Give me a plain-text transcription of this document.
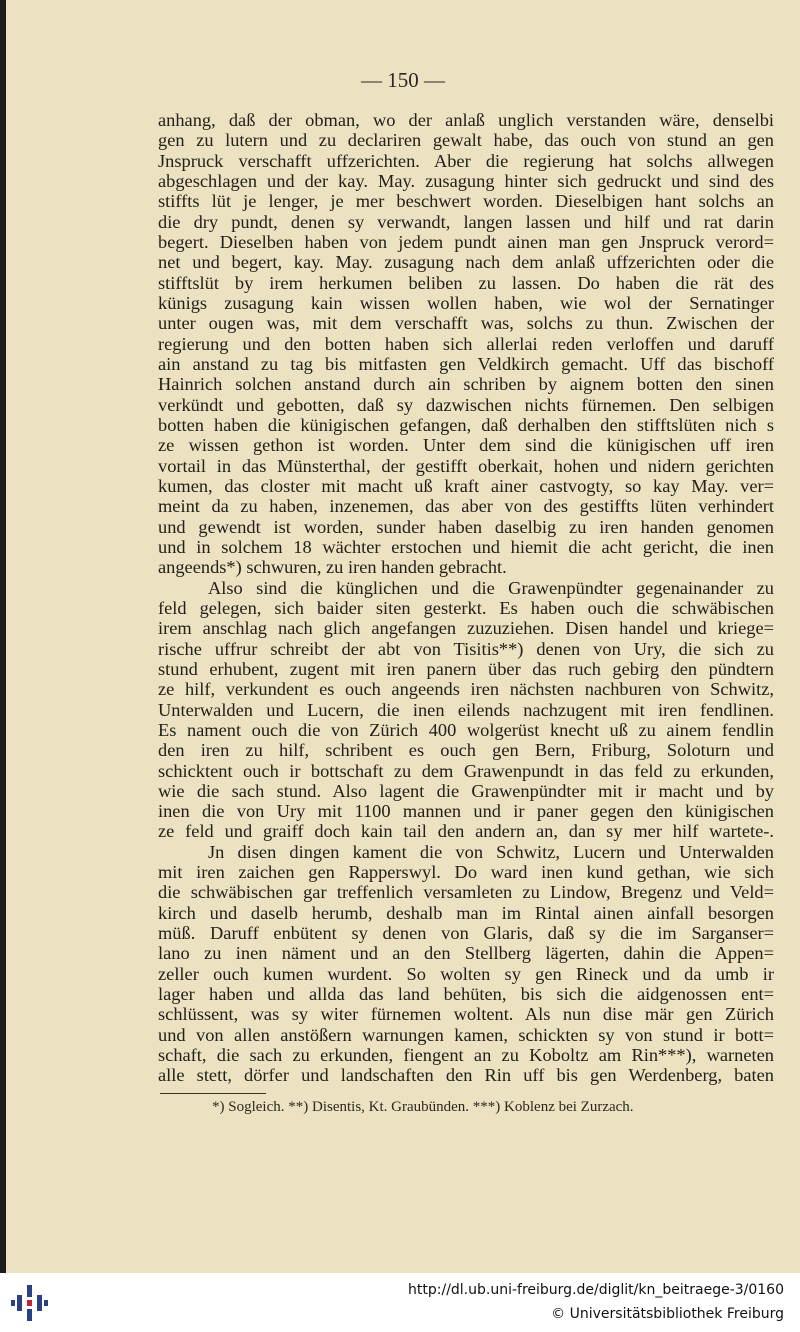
— 150 —
anhang, daß der obman, wo der anlaß unglich verstanden wäre, denselbi
gen zu lutern und zu declariren gewalt habe, das ouch von stund an gen
Jnspruck verschafft uffzerichten. Aber die regierung hat solchs allwegen
abgeschlagen und der kay. May. zusagung hinter sich gedruckt und sind des
stiffts lüt je lenger, je mer beschwert worden. Dieselbigen hant solchs an
die dry pundt, denen sy verwandt, langen lassen und hilf und rat darin
begert. Dieselben haben von jedem pundt ainen man gen Jnspruck verord=
net und begert, kay. May. zusagung nach dem anlaß uffzerichten oder die
stifftslüt by irem herkumen beliben zu lassen. Do haben die rät des
künigs zusagung kain wissen wollen haben, wie wol der Sernatinger
unter ougen was, mit dem verschafft was, solchs zu thun. Zwischen der
regierung und den botten haben sich allerlai reden verloffen und daruff
ain anstand zu tag bis mitfasten gen Veldkirch gemacht. Uff das bischoff
Hainrich solchen anstand durch ain schriben by aignem botten den sinen
verkündt und gebotten, daß sy dazwischen nichts fürnemen. Den selbigen
botten haben die künigischen gefangen, daß derhalben den stifftslüten nich s
ze wissen gethon ist worden. Unter dem sind die künigischen uff iren
vortail in das Münsterthal, der gestifft oberkait, hohen und nidern gerichten
kumen, das closter mit macht uß kraft ainer castvogty, so kay May. ver=
meint da zu haben, inzenemen, das aber von des gestiffts lüten verhindert
und gewendt ist worden, sunder haben daselbig zu iren handen genomen
und in solchem 18 wächter erstochen und hiemit die acht gericht, die inen
angeends*) schwuren, zu iren handen gebracht.
Also sind die künglichen und die Grawenpündter gegenainander zu
feld gelegen, sich baider siten gesterkt. Es haben ouch die schwäbischen
irem anschlag nach glich angefangen zuzuziehen. Disen handel und kriege=
rische uffrur schreibt der abt von Tisitis**) denen von Ury, die sich zu
stund erhubent, zugent mit iren panern über das ruch gebirg den pündtern
ze hilf, verkundent es ouch angeends iren nächsten nachburen von Schwitz,
Unterwalden und Lucern, die inen eilends nachzugent mit iren fendlinen.
Es nament ouch die von Zürich 400 wolgerüst knecht uß zu ainem fendlin
den iren zu hilf, schribent es ouch gen Bern, Friburg, Soloturn und
schicktent ouch ir bottschaft zu dem Grawenpundt in das feld zu erkunden,
wie die sach stund. Also lagent die Grawenpündter mit ir macht und by
inen die von Ury mit 1100 mannen und ir paner gegen den künigischen
ze feld und graiff doch kain tail den andern an, dan sy mer hilf wartete-.
Jn disen dingen kament die von Schwitz, Lucern und Unterwalden
mit iren zaichen gen Rapperswyl. Do ward inen kund gethan, wie sich
die schwäbischen gar treffenlich versamleten zu Lindow, Bregenz und Veld=
kirch und daselb herumb, deshalb man im Rintal ainen ainfall besorgen
müß. Daruff enbütent sy denen von Glaris, daß sy die im Sarganser=
lano zu inen näment und an den Stellberg lägerten, dahin die Appen=
zeller ouch kumen wurdent. So wolten sy gen Rineck und da umb ir
lager haben und allda das land behüten, bis sich die aidgenossen ent=
schlüssent, was sy witer fürnemen woltent. Als nun dise mär gen Zürich
und von allen anstößern warnungen kamen, schickten sy von stund ir bott=
schaft, die sach zu erkunden, fiengent an zu Koboltz am Rin***), warneten
alle stett, dörfer und landschaften den Rin uff bis gen Werdenberg, baten
*) Sogleich. **) Disentis, Kt. Graubünden. ***) Koblenz bei Zurzach.
http://dl.ub.uni-freiburg.de/diglit/kn_beitraege-3/0160
© Universitätsbibliothek Freiburg
